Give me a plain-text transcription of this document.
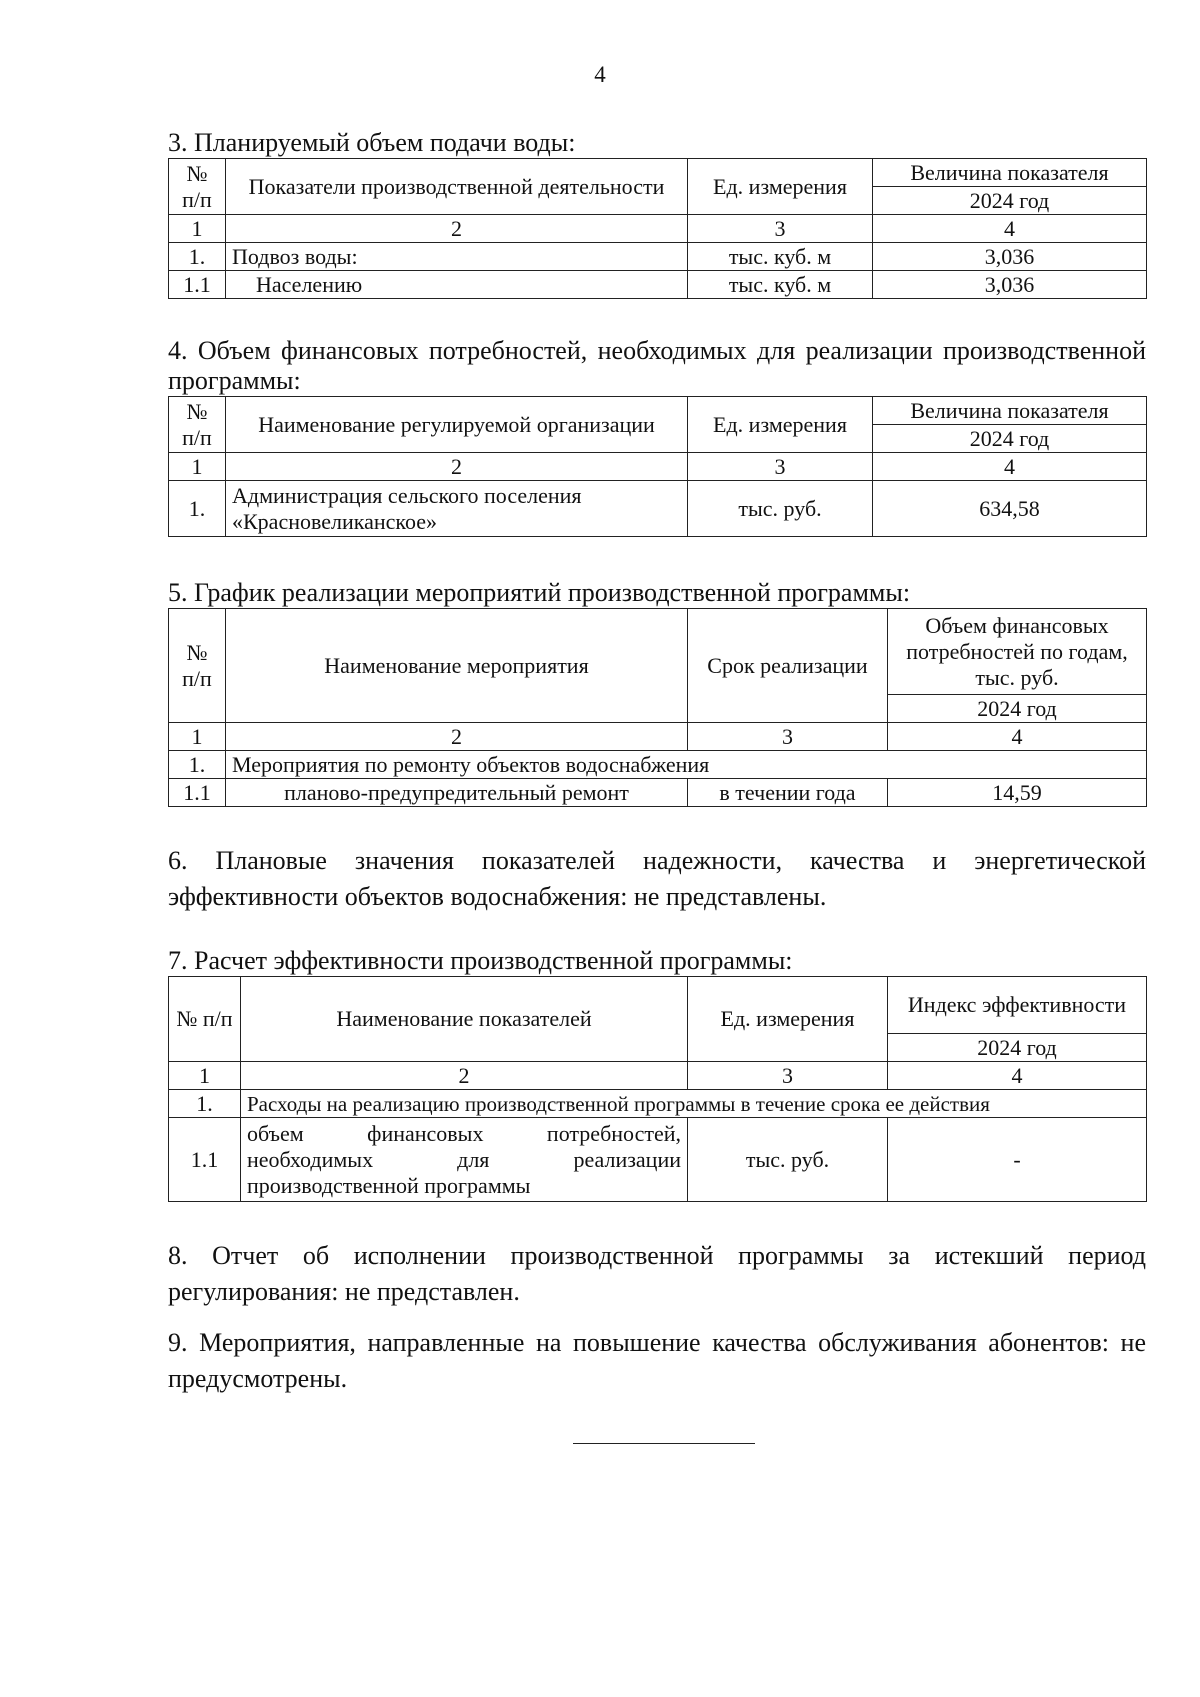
4

3. Планируемый объем подачи воды:

№ п/п	Показатели производственной деятельности	Ед. измерения	Величина показателя
			2024 год
1	2	3	4
1.	Подвоз воды:	тыс. куб. м	3,036
1.1	Населению	тыс. куб. м	3,036

4. Объем финансовых потребностей, необходимых для реализации производственной программы:

№ п/п	Наименование регулируемой организации	Ед. измерения	Величина показателя
			2024 год
1	2	3	4
1.	Администрация сельского поселения «Красновеликанское»	тыс. руб.	634,58

5. График реализации мероприятий производственной программы:

№ п/п	Наименование мероприятия	Срок реализации	Объем финансовых потребностей по годам, тыс. руб.
			2024 год
1	2	3	4
1.	Мероприятия по ремонту объектов водоснабжения		
1.1	планово-предупредительный ремонт	в течении года	14,59

6. Плановые значения показателей надежности, качества и энергетической эффективности объектов водоснабжения: не представлены.

7. Расчет эффективности производственной программы:

№ п/п	Наименование показателей	Ед. измерения	Индекс эффективности
			2024 год
1	2	3	4
1.	Расходы на реализацию производственной программы в течение срока ее действия		
1.1	объем финансовых потребностей, необходимых для реализации производственной программы	тыс. руб.	-

8. Отчет об исполнении производственной программы за истекший период регулирования: не представлен.

9. Мероприятия, направленные на повышение качества обслуживания абонентов: не предусмотрены.
